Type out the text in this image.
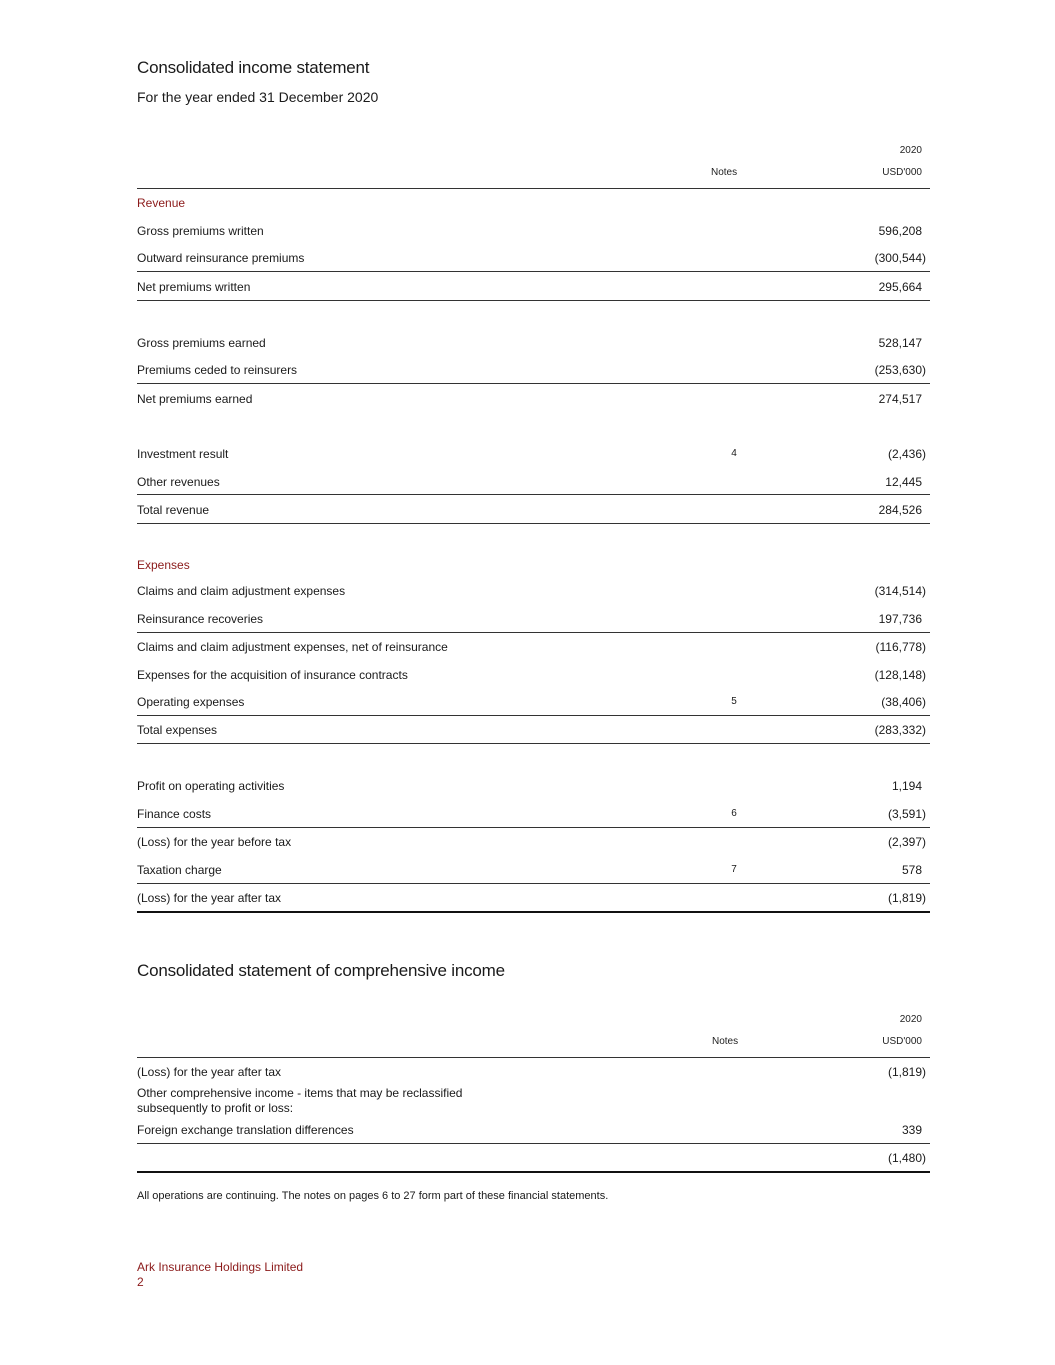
Consolidated income statement
For the year ended 31 December 2020
2020
Notes	USD'000
Revenue
Gross premiums written	596,208
Outward reinsurance premiums	(300,544)
Net premiums written	295,664
Gross premiums earned	528,147
Premiums ceded to reinsurers	(253,630)
Net premiums earned	274,517
Investment result	4	(2,436)
Other revenues	12,445
Total revenue	284,526
Expenses
Claims and claim adjustment expenses	(314,514)
Reinsurance recoveries	197,736
Claims and claim adjustment expenses, net of reinsurance	(116,778)
Expenses for the acquisition of insurance contracts	(128,148)
Operating expenses	5	(38,406)
Total expenses	(283,332)
Profit on operating activities	1,194
Finance costs	6	(3,591)
(Loss) for the year before tax	(2,397)
Taxation charge	7	578
(Loss) for the year after tax	(1,819)
Consolidated statement of comprehensive income
2020
Notes	USD'000
(Loss) for the year after tax	(1,819)
Other comprehensive income - items that may be reclassified
subsequently to profit or loss:
Foreign exchange translation differences	339
(1,480)
All operations are continuing. The notes on pages 6 to 27 form part of these financial statements.
Ark Insurance Holdings Limited
2
